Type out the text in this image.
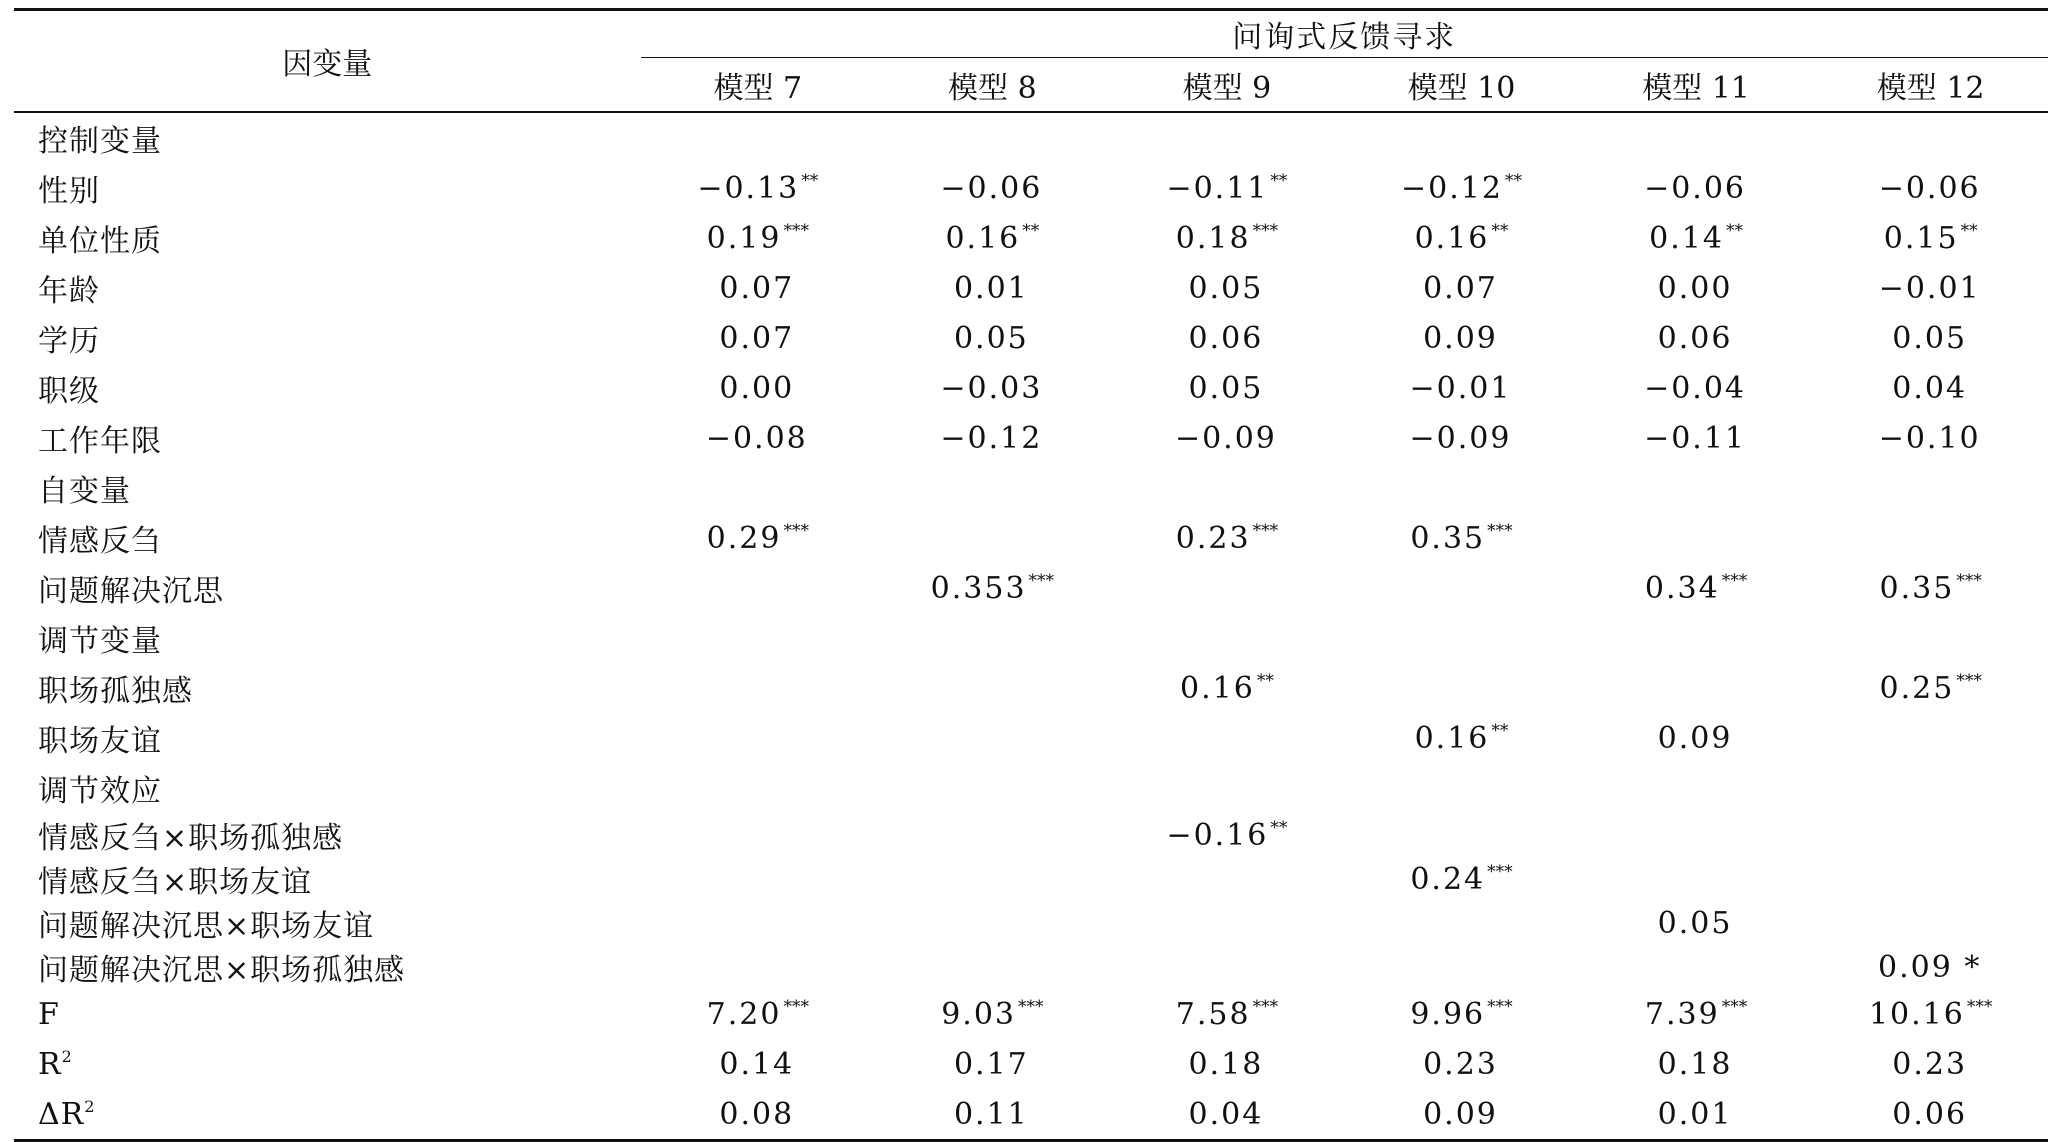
因变量	问询式反馈寻求					
	模型 7	模型 8	模型 9	模型 10	模型 11	模型 12
控制变量						
性别	−0.13 **	−0.06	−0.11 **	−0.12 **	−0.06	−0.06
单位性质	0.19 ***	0.16 **	0.18 ***	0.16 **	0.14 **	0.15 **
年龄	0.07	0.01	0.05	0.07	0.00	−0.01
学历	0.07	0.05	0.06	0.09	0.06	0.05
职级	0.00	−0.03	0.05	−0.01	−0.04	0.04
工作年限	−0.08	−0.12	−0.09	−0.09	−0.11	−0.10
自变量						
情感反刍	0.29 ***		0.23 ***	0.35 ***		
问题解决沉思		0.353 ***			0.34 ***	0.35 ***
调节变量						
职场孤独感			0.16 **			0.25 ***
职场友谊				0.16 **	0.09	
调节效应						
情感反刍×职场孤独感			−0.16 **			
情感反刍×职场友谊				0.24 ***		
问题解决沉思×职场友谊					0.05	
问题解决沉思×职场孤独感						0.09 *
F	7.20 ***	9.03 ***	7.58 ***	9.96 ***	7.39 ***	10.16 ***
$R^2$	0.14	0.17	0.18	0.23	0.18	0.23
$\Delta R^2$	0.08	0.11	0.04	0.09	0.01	0.06
